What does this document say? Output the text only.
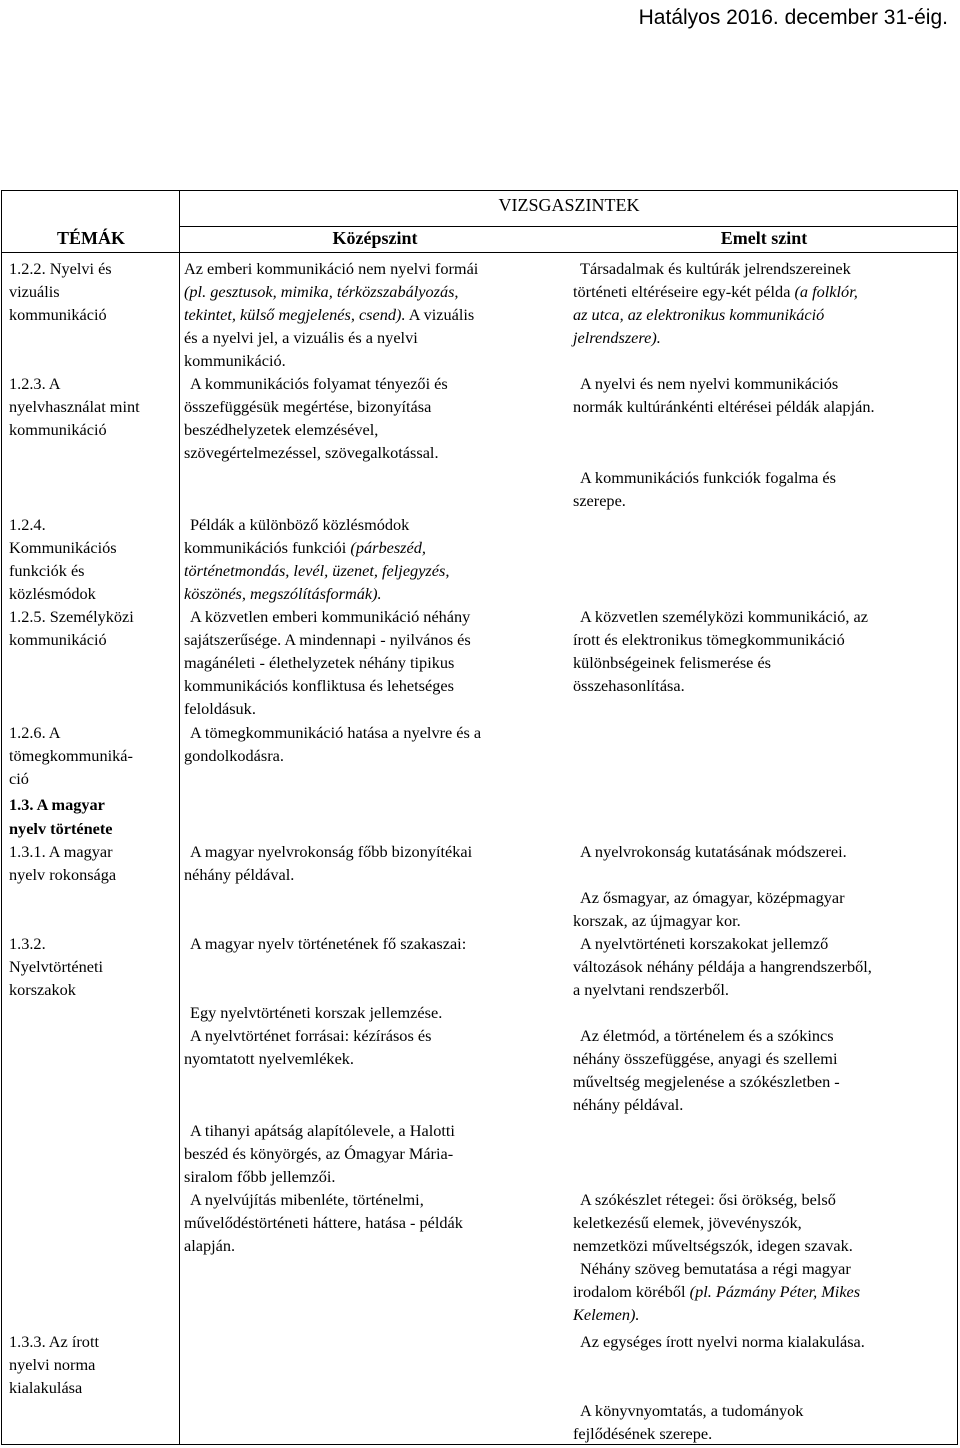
Hatályos 2016. december 31-éig.
VIZSGASZINTEK
TÉMÁK	Középszint	Emelt szint
1.2.2. Nyelvi és
vizuális
kommunikáció
1.2.3. A
nyelvhasználat mint
kommunikáció
1.2.4.
Kommunikációs
funkciók és
közlésmódok
1.2.5. Személyközi
kommunikáció
1.2.6. A
tömegkommuniká-
ció
1.3. A magyar
nyelv története
1.3.1. A magyar
nyelv rokonsága
1.3.2.
Nyelvtörténeti
korszakok
1.3.3. Az írott
nyelvi norma
kialakulása
Az emberi kommunikáció nem nyelvi formái
(pl. gesztusok, mimika, térközszabályozás,
tekintet, külső megjelenés, csend). A vizuális
és a nyelvi jel, a vizuális és a nyelvi
kommunikáció.
A kommunikációs folyamat tényezői és
összefüggésük megértése, bizonyítása
beszédhelyzetek elemzésével,
szövegértelmezéssel, szövegalkotással.
Példák a különböző közlésmódok
kommunikációs funkciói (párbeszéd,
történetmondás, levél, üzenet, feljegyzés,
köszönés, megszólításformák).
A közvetlen emberi kommunikáció néhány
sajátszerűsége. A mindennapi - nyilvános és
magánéleti - élethelyzetek néhány tipikus
kommunikációs konfliktusa és lehetséges
feloldásuk.
A tömegkommunikáció hatása a nyelvre és a
gondolkodásra.
A magyar nyelvrokonság főbb bizonyítékai
néhány példával.
A magyar nyelv történetének fő szakaszai:
Egy nyelvtörténeti korszak jellemzése.
A nyelvtörténet forrásai: kézírásos és
nyomtatott nyelvemlékek.
A tihanyi apátság alapítólevele, a Halotti
beszéd és könyörgés, az Ómagyar Mária-
siralom főbb jellemzői.
A nyelvújítás mibenléte, történelmi,
művelődéstörténeti háttere, hatása - példák
alapján.
Társadalmak és kultúrák jelrendszereinek
történeti eltéréseire egy-két példa (a folklór,
az utca, az elektronikus kommunikáció
jelrendszere).
A nyelvi és nem nyelvi kommunikációs
normák kultúránkénti eltérései példák alapján.
A kommunikációs funkciók fogalma és
szerepe.
A közvetlen személyközi kommunikáció, az
írott és elektronikus tömegkommunikáció
különbségeinek felismerése és
összehasonlítása.
A nyelvrokonság kutatásának módszerei.
Az ősmagyar, az ómagyar, középmagyar
korszak, az újmagyar kor.
A nyelvtörténeti korszakokat jellemző
változások néhány példája a hangrendszerből,
a nyelvtani rendszerből.
Az életmód, a történelem és a szókincs
néhány összefüggése, anyagi és szellemi
műveltség megjelenése a szókészletben -
néhány példával.
A szókészlet rétegei: ősi örökség, belső
keletkezésű elemek, jövevényszók,
nemzetközi műveltségszók, idegen szavak.
Néhány szöveg bemutatása a régi magyar
irodalom köréből (pl. Pázmány Péter, Mikes
Kelemen).
Az egységes írott nyelvi norma kialakulása.
A könyvnyomtatás, a tudományok
fejlődésének szerepe.
